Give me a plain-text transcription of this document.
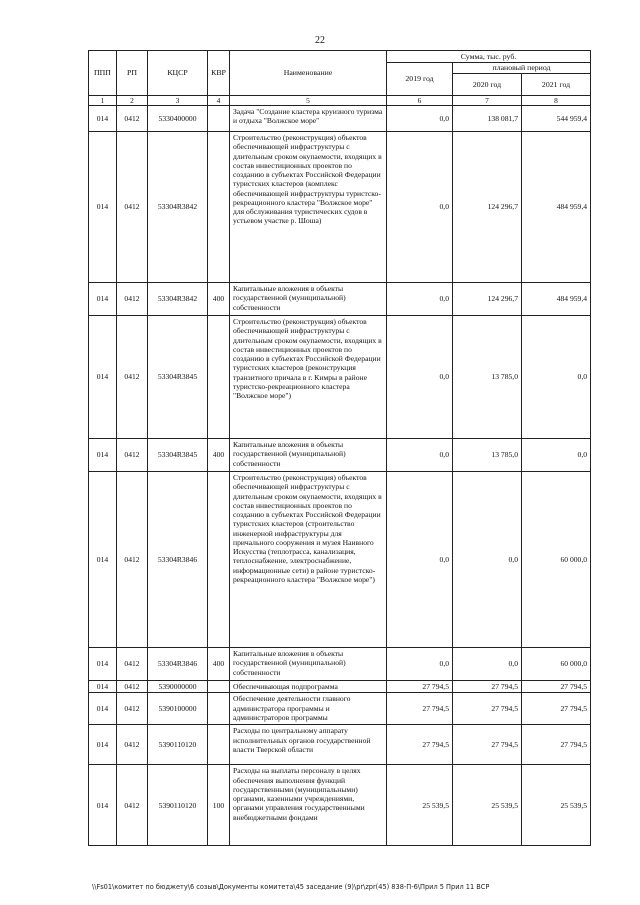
22
ППП	РП	КЦСР	КВР	Наименование	Сумма, тыс. руб.		
					2019 год	плановый период	
						2020 год	2021 год
1	2	3	4	5	6	7	8
014	0412	5330400000		Задача "Создание кластера круизного туризма и отдыха "Волжское море"	0,0	138 081,7	544 959,4
014	0412	53304R3842		Строительство (реконструкция) объектов обеспечивающей инфраструктуры с длительным сроком окупаемости, входящих в состав инвестиционных проектов по созданию в субъектах Российской Федерации туристских кластеров (комплекс обеспечивающей инфраструктуры туристско-рекреационного кластера "Волжское море" для обслуживания туристических судов в устьевом участке р. Шоша)	0,0	124 296,7	484 959,4
014	0412	53304R3842	400	Капитальные вложения в объекты государственной (муниципальной) собственности	0,0	124 296,7	484 959,4
014	0412	53304R3845		Строительство (реконструкция) объектов обеспечивающей инфраструктуры с длительным сроком окупаемости, входящих в состав инвестиционных проектов по созданию в субъектах Российской Федерации туристских кластеров (реконструкция транзитного причала в г. Кимры в районе туристско-рекреационного кластера "Волжское море")	0,0	13 785,0	0,0
014	0412	53304R3845	400	Капитальные вложения в объекты государственной (муниципальной) собственности	0,0	13 785,0	0,0
014	0412	53304R3846		Строительство (реконструкция) объектов обеспечивающей инфраструктуры с длительным сроком окупаемости, входящих в состав инвестиционных проектов по созданию в субъектах Российской Федерации туристских кластеров (строительство инженерной инфраструктуры для причального сооружения и музея Наивного Искусства (теплотрасса, канализация, теплоснабжение, электроснабжение, информационные сети) в районе туристско-рекреационного кластера "Волжское море")	0,0	0,0	60 000,0
014	0412	53304R3846	400	Капитальные вложения в объекты государственной (муниципальной) собственности	0,0	0,0	60 000,0
014	0412	5390000000		Обеспечивающая подпрограмма	27 794,5	27 794,5	27 794,5
014	0412	5390100000		Обеспечение деятельности главного администратора программы и администраторов программы	27 794,5	27 794,5	27 794,5
014	0412	5390110120		Расходы по центральному аппарату исполнительных органов государственной власти Тверской области	27 794,5	27 794,5	27 794,5
014	0412	5390110120	100	Расходы на выплаты персоналу в целях обеспечения выполнения функций государственными (муниципальными) органами, казенными учреждениями, органами управления государственными внебюджетными фондами	25 539,5	25 539,5	25 539,5
\\Fs01\комитет по бюджету\6 созыв\Документы комитета\45 заседание (9)\pr\zpr(45) 838-П-6\Прил 5 Прил 11 ВСР
